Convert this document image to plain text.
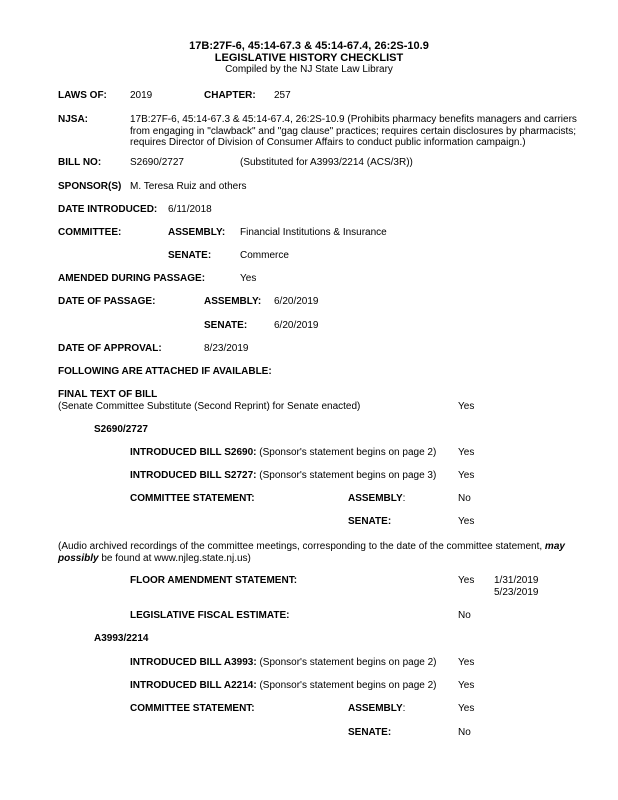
17B:27F-6, 45:14-67.3 & 45:14-67.4, 26:2S-10.9
LEGISLATIVE HISTORY CHECKLIST
Compiled by the NJ State Law Library
LAWS OF: 2019	CHAPTER: 257
NJSA:	17B:27F-6, 45:14-67.3 & 45:14-67.4, 26:2S-10.9 (Prohibits pharmacy benefits managers and carriers from engaging in "clawback" and "gag clause" practices; requires certain disclosures by pharmacists; requires Director of Division of Consumer Affairs to conduct public information campaign.)
BILL NO:	S2690/2727	(Substituted for A3993/2214 (ACS/3R))
SPONSOR(S) M. Teresa Ruiz and others
DATE INTRODUCED: 6/11/2018
COMMITTEE:	ASSEMBLY: Financial Institutions & Insurance
SENATE:	Commerce
AMENDED DURING PASSAGE:	Yes
DATE OF PASSAGE:	ASSEMBLY: 6/20/2019
SENATE:	6/20/2019
DATE OF APPROVAL:	8/23/2019
FOLLOWING ARE ATTACHED IF AVAILABLE:
FINAL TEXT OF BILL
(Senate Committee Substitute (Second Reprint) for Senate enacted)	Yes
S2690/2727
INTRODUCED BILL S2690: (Sponsor's statement begins on page 2) Yes
INTRODUCED BILL S2727: (Sponsor's statement begins on page 3) Yes
COMMITTEE STATEMENT:	ASSEMBLY:	No
SENATE:	Yes
(Audio archived recordings of the committee meetings, corresponding to the date of the committee statement, may possibly be found at www.njleg.state.nj.us)
FLOOR AMENDMENT STATEMENT:	Yes 1/31/2019
5/23/2019
LEGISLATIVE FISCAL ESTIMATE:	No
A3993/2214
INTRODUCED BILL A3993: (Sponsor's statement begins on page 2) Yes
INTRODUCED BILL A2214: (Sponsor's statement begins on page 2) Yes
COMMITTEE STATEMENT:	ASSEMBLY:	Yes
SENATE:	No
